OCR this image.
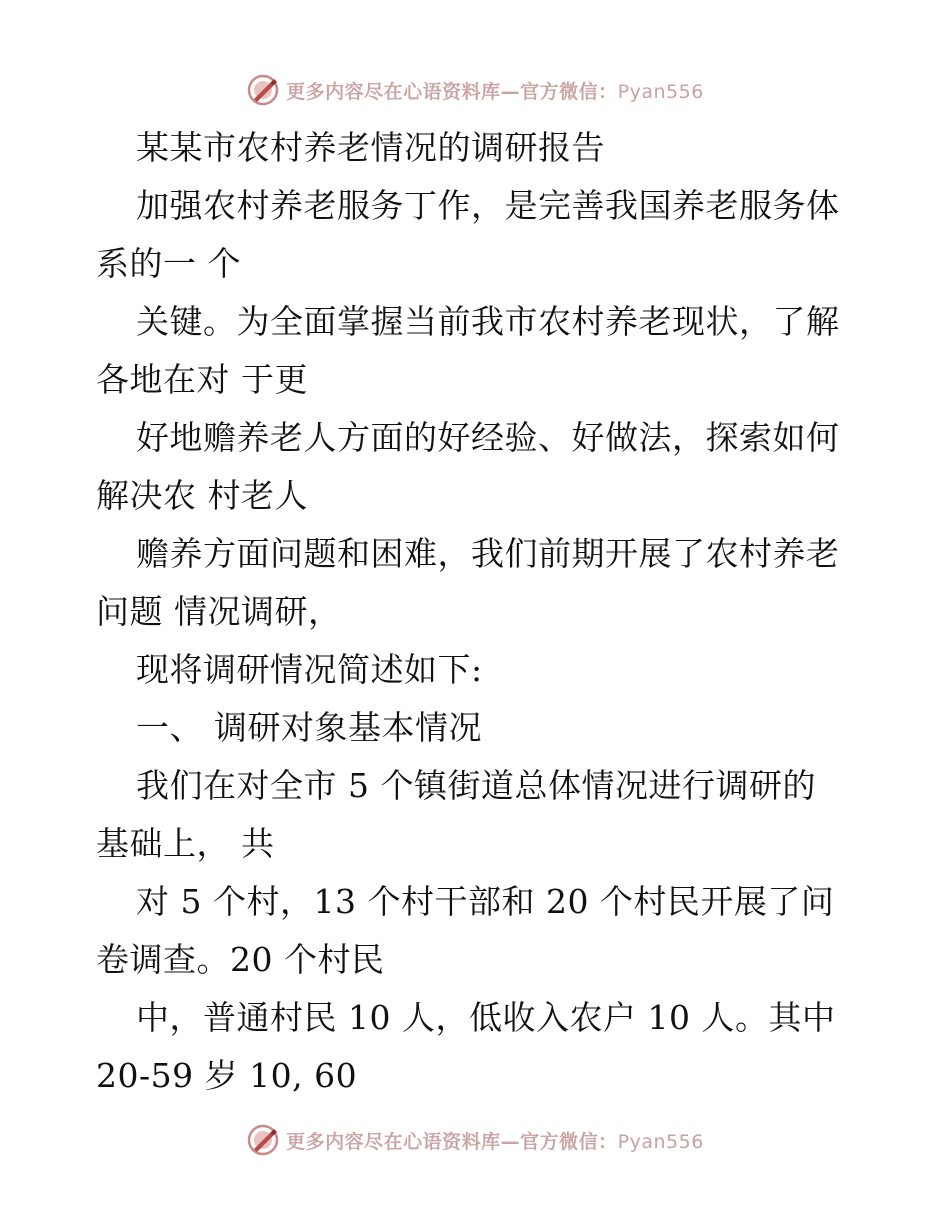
更多内容尽在心语资料库—官方微信：Pyan556
某某市农村养老情况的调研报告
加强农村养老服务丁作，是完善我国养老服务体
系的一 个
关键。为全面掌握当前我市农村养老现状，了解
各地在对 于更
好地赡养老人方面的好经验、好做法，探索如何
解决农 村老人
赡养方面问题和困难，我们前期开展了农村养老
问题 情况调研，
现将调研情况简述如下:
一、 调研对象基本情况
我们在对全市 5 个镇街道总体情况进行调研的
基础上， 共
对 5 个村，13 个村干部和 20 个村民开展了问
卷调查。20 个村民
中，普通村民 10 人，低收入农户 10 人。其中
20-59 岁 10, 60
更多内容尽在心语资料库—官方微信：Pyan556
